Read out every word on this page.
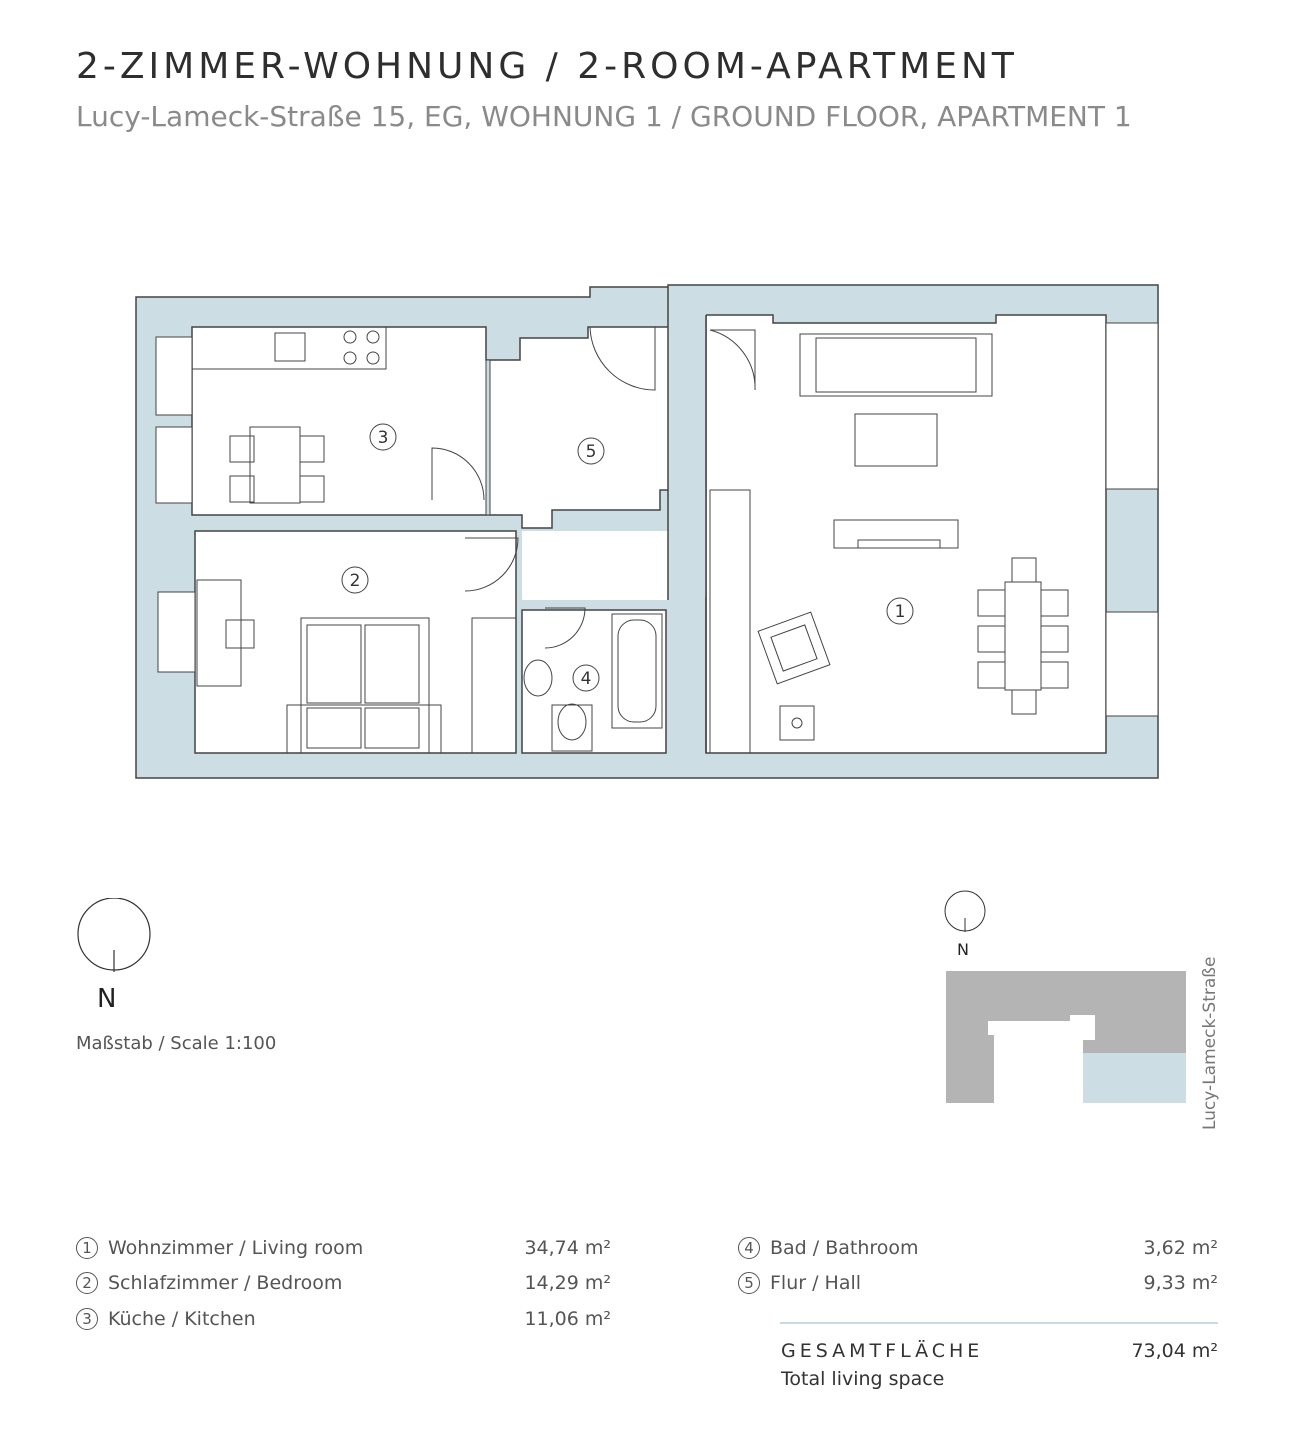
2-ZIMMER-WOHNUNG / 2-ROOM-APARTMENT
Lucy-Lameck-Straße 15, EG, WOHNUNG 1 / GROUND FLOOR, APARTMENT 1
1
2
3
4
5
N
Maßstab / Scale 1:100
N
Lucy-Lameck-Straße
1 Wohnzimmer / Living room	34,74 m²
2 Schlafzimmer / Bedroom	14,29 m²
3 Küche / Kitchen	11,06 m²
4 Bad / Bathroom	3,62 m²
5 Flur / Hall	9,33 m²
GESAMTFLÄCHE
Total living space
73,04 m²
